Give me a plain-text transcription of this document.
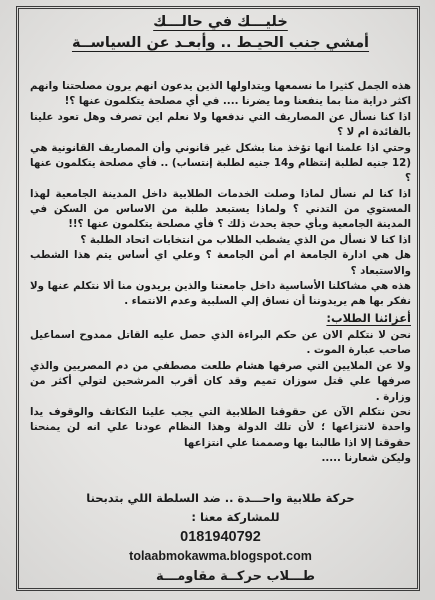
خليـــك في حالـــك
أمشي جنب الحيـط .. وأبعـد عن السياســة

هذه الجمل كثيرا ما نسمعها ويتداولها الذين يدعون انهم يرون مصلحتنا وانهم اكثر دراية منا بما ينفعنا وما يضرنا .... في أي مصلحة يتكلمون عنها ؟!

اذا كنا نسأل عن المصاريف التي ندفعها ولا نعلم اين تصرف وهل تعود علينا بالفائدة ام لا ؟

وحتي اذا علمنا انها تؤخذ منا بشكل غير قانوني وأن المصاريف القانونية هي (12 جنيه لطلبة إنتظام و14 جنيه لطلبة إنتساب) .. فأي مصلحة يتكلمون عنها ؟

اذا كنا لم نسأل لماذا وصلت الخدمات الطلابية داخل المدينة الجامعية لهذا المستوي من التدني ؟ ولماذا يستبعد طلبة من الاساس من السكن في المدينة الجامعية وبأي حجة يحدث ذلك ؟ فأي مصلحة يتكلمون عنها ؟!!

اذا كنا لا نسأل من الذي يشطب الطلاب من انتخابات اتحاد الطلبة ؟

هل هي ادارة الجامعة ام أمن الجامعة ؟ وعلي اي أساس يتم هذا الشطب والاستبعاد ؟

هذه هي مشاكلنا الأساسية داخل جامعتنا والذين يريدون منا ألا نتكلم عنها ولا نفكر بها هم يريدوننا أن نساق إلي السلبية وعدم الانتماء .

أعزائنا الطلاب:

نحن لا نتكلم الان عن حكم البراءة الذي حصل عليه القاتل ممدوح اسماعيل صاحب عبارة الموت .

ولا عن الملايين التي صرفها هشام طلعت مصطفي من دم المصريين والذي صرفها علي قتل سوزان تميم وقد كان أقرب المرشحين لتولي أكثر من وزارة .

نحن نتكلم الآن عن حقوقنا الطلابية التي يجب علينا التكاتف والوقوف يدا واحدة لانتزاعها ؛ لأن تلك الدولة وهذا النظام عودنا علي انه لن يمنحنا حقوقنا إلا اذا طالبنا بها وصممنا علي انتزاعها

وليكن شعارنا .....

حركة طلابية واحـــدة .. ضد السلطة اللي بتدبحنا
للمشاركة معنا :
0181940792
tolaabmokawma.blogspot.com
طـــلاب حركــة مقاومـــة
